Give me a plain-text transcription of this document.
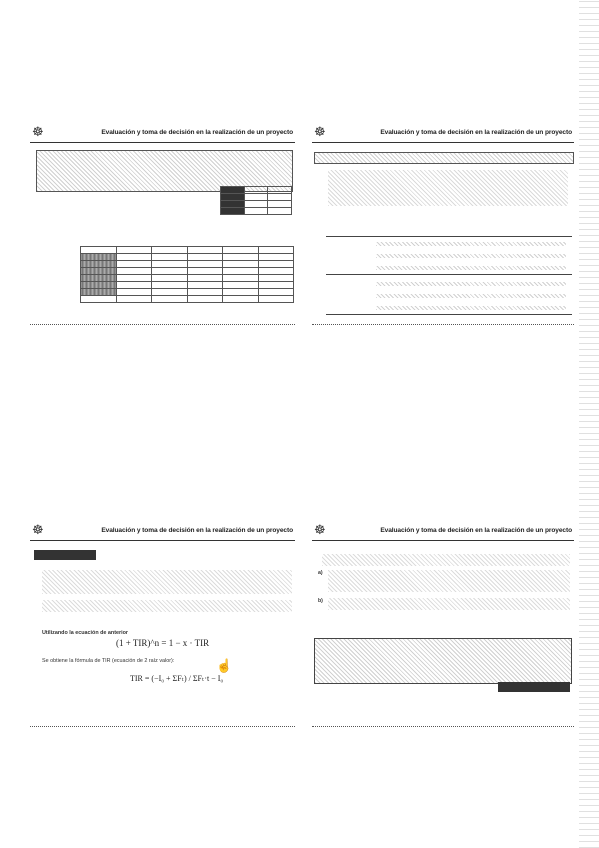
☸	Evaluación y toma de decisión en la realización de un proyecto

					☸	Evaluación y toma de decisión en la realización de un proyecto
☸	Evaluación y toma de decisión en la realización de un proyecto
Utilizando la ecuación de anterior
(1 + TIR)^n = 1 − x · TIR
Se obtiene la fórmula de TIR (ecuación de 2 raíz valor):
TIR = (−I₀ + ΣFₜ) / ΣFₜ·t − I₀
☝
☸	Evaluación y toma de decisión en la realización de un proyecto
a)
b)
